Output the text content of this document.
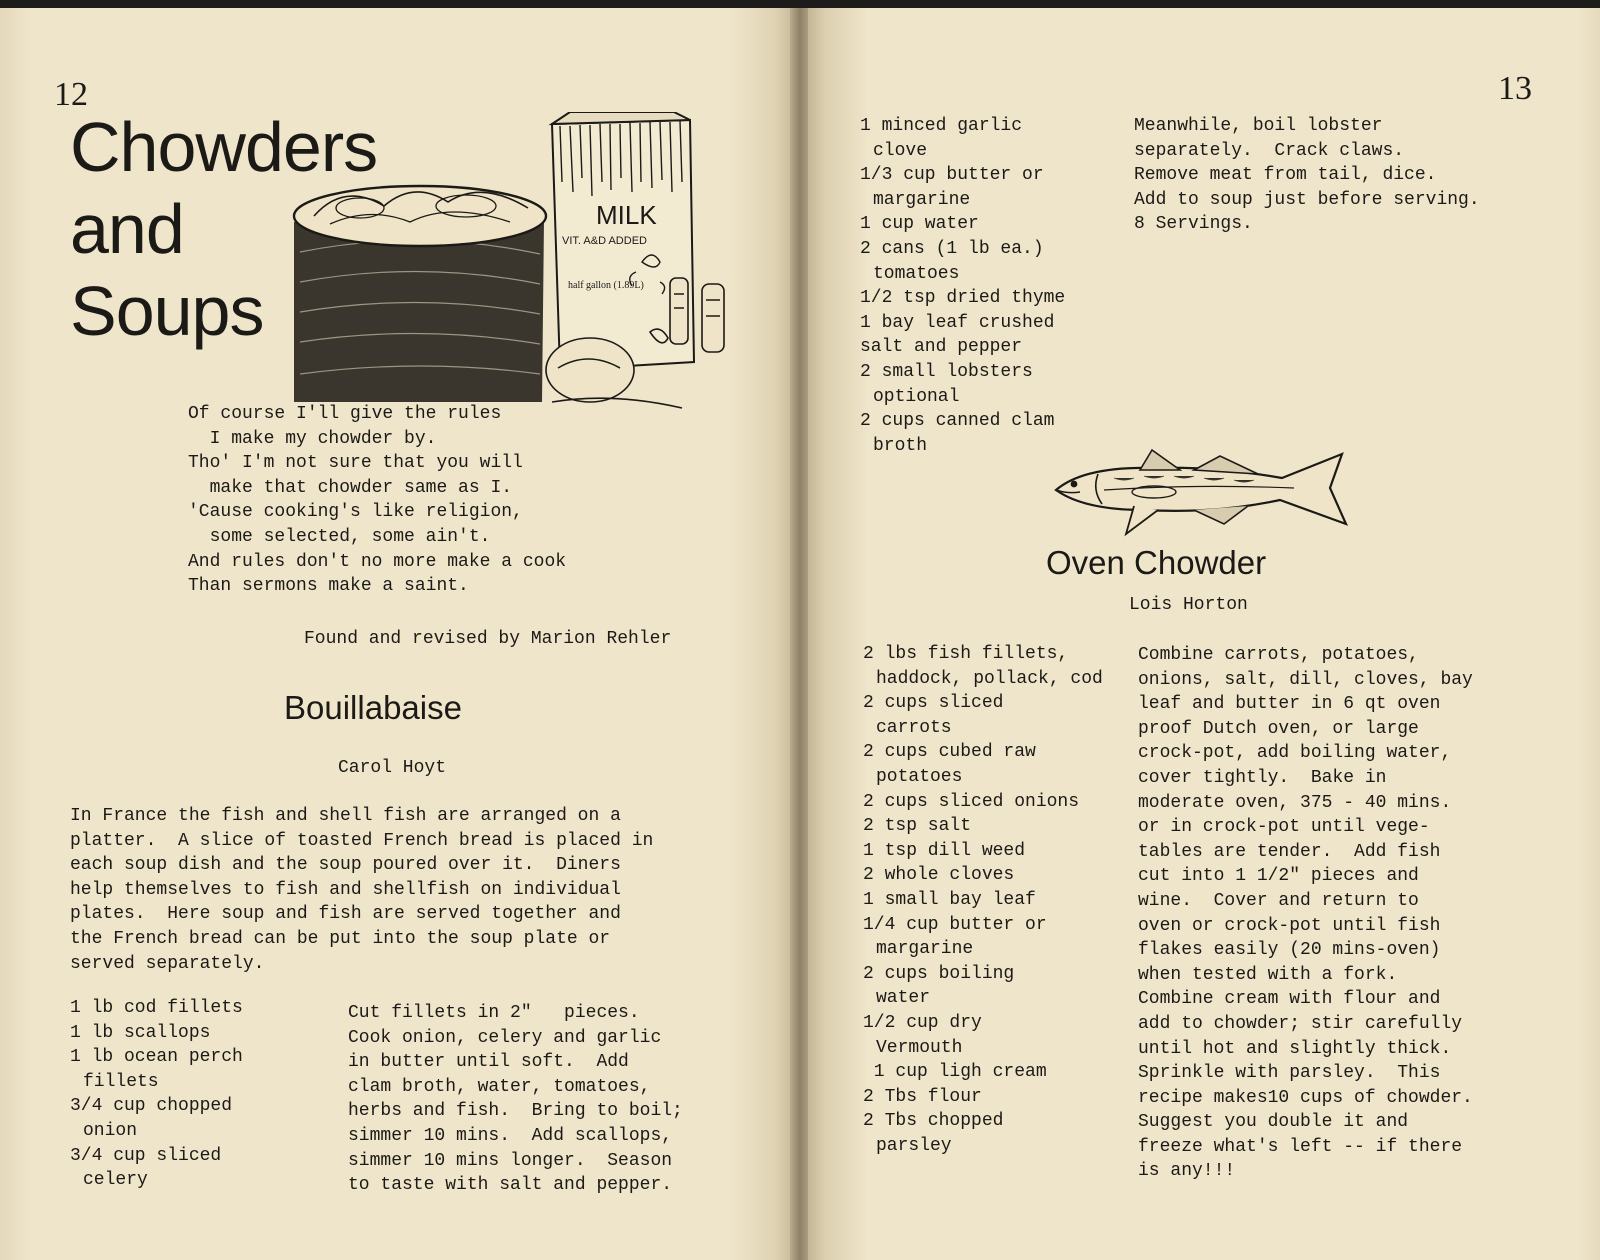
12
Chowders
and
Soups
MILK
VIT. A&D ADDED
half gallon (1.89L)
Of course I'll give the rules
I make my chowder by.
Tho' I'm not sure that you will
make that chowder same as I.
'Cause cooking's like religion,
some selected, some ain't.
And rules don't no more make a cook
Than sermons make a saint.
Found and revised by Marion Rehler
Bouillabaise
Carol Hoyt

In France the fish and shell fish are arranged on a
platter.  A slice of toasted French bread is placed in
each soup dish and the soup poured over it.  Diners
help themselves to fish and shellfish on individual
plates.  Here soup and fish are served together and
the French bread can be put into the soup plate or
served separately.

1 lb cod fillets
1 lb scallops
1 lb ocean perch fillets
3/4 cup chopped onion
3/4 cup sliced celery

Cut fillets in 2"   pieces.
Cook onion, celery and garlic
in butter until soft.  Add
clam broth, water, tomatoes,
herbs and fish.  Bring to boil;
simmer 10 mins.  Add scallops,
simmer 10 mins longer.  Season
to taste with salt and pepper.

13
1 minced garlic clove
1/3 cup butter or margarine
1 cup water
2 cans (1 lb ea.) tomatoes
1/2 tsp dried thyme
1 bay leaf crushed
salt and pepper
2 small lobsters optional
2 cups canned clam broth

Meanwhile, boil lobster
separately.  Crack claws.
Remove meat from tail, dice.
Add to soup just before serving.
8 Servings.

Oven Chowder
Lois Horton
2 lbs fish fillets, haddock, pollack, cod
2 cups sliced carrots
2 cups cubed raw potatoes
2 cups sliced onions
2 tsp salt
1 tsp dill weed
2 whole cloves
1 small bay leaf
1/4 cup butter or margarine
2 cups boiling water
1/2 cup dry Vermouth
1 cup ligh cream
2 Tbs flour
2 Tbs chopped parsley

Combine carrots, potatoes,
onions, salt, dill, cloves, bay
leaf and butter in 6 qt oven
proof Dutch oven, or large
crock-pot, add boiling water,
cover tightly.  Bake in
moderate oven, 375 - 40 mins.
or in crock-pot until vege-
tables are tender.  Add fish
cut into 1 1/2" pieces and
wine.  Cover and return to
oven or crock-pot until fish
flakes easily (20 mins-oven)
when tested with a fork.
Combine cream with flour and
add to chowder; stir carefully
until hot and slightly thick.
Sprinkle with parsley.  This
recipe makes10 cups of chowder.
Suggest you double it and
freeze what's left -- if there
is any!!!
